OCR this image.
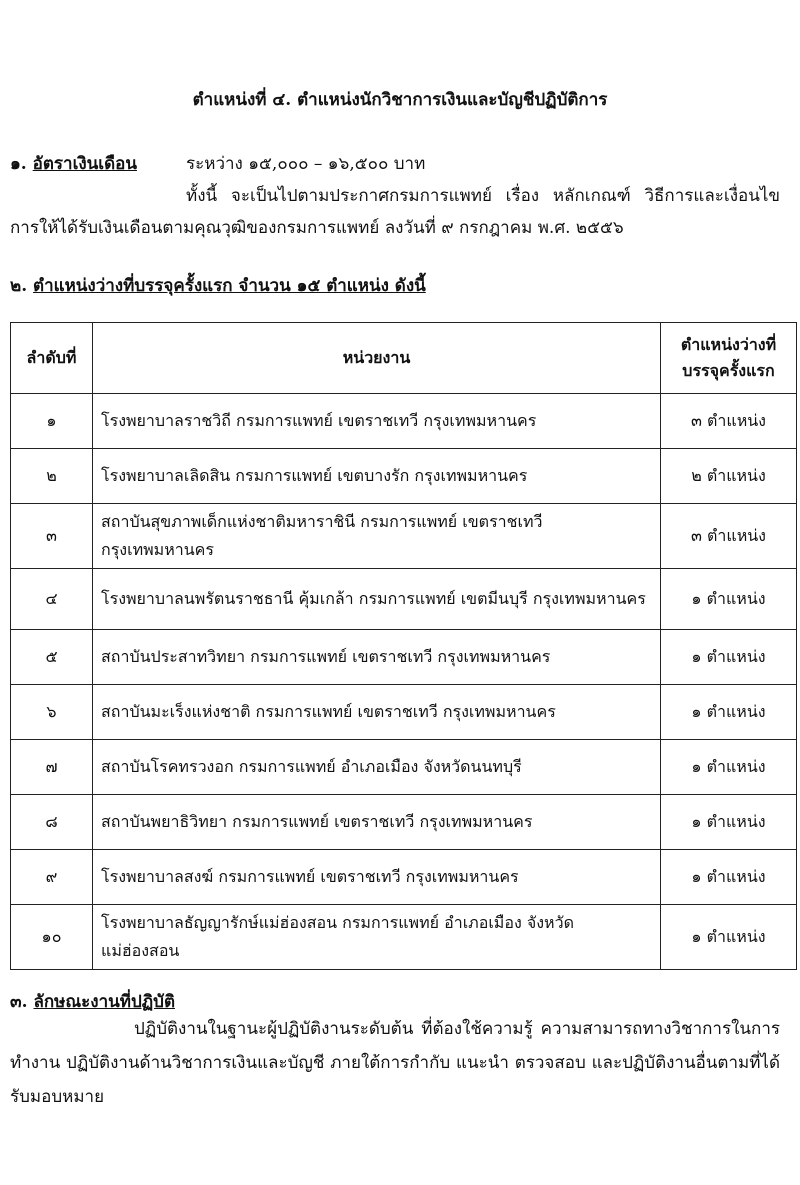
ตำแหน่งที่ ๔. ตำแหน่งนักวิชาการเงินและบัญชีปฏิบัติการ
๑. อัตราเงินเดือน	ระหว่าง ๑๕,๐๐๐ – ๑๖,๕๐๐ บาท
ทั้งนี้ จะเป็นไปตามประกาศกรมการแพทย์ เรื่อง หลักเกณฑ์ วิธีการและเงื่อนไข การให้ได้รับเงินเดือนตามคุณวุฒิของกรมการแพทย์ ลงวันที่ ๙ กรกฎาคม พ.ศ. ๒๕๕๖
๒. ตำแหน่งว่างที่บรรจุครั้งแรก จำนวน ๑๕ ตำแหน่ง ดังนี้
ลำดับที่	หน่วยงาน	ตำแหน่งว่างที่บรรจุครั้งแรก
๑	โรงพยาบาลราชวิถี กรมการแพทย์ เขตราชเทวี กรุงเทพมหานคร	๓ ตำแหน่ง
๒	โรงพยาบาลเลิดสิน กรมการแพทย์ เขตบางรัก กรุงเทพมหานคร	๒ ตำแหน่ง
๓	สถาบันสุขภาพเด็กแห่งชาติมหาราชินี กรมการแพทย์ เขตราชเทวี กรุงเทพมหานคร	๓ ตำแหน่ง
๔	โรงพยาบาลนพรัตนราชธานี คุ้มเกล้า กรมการแพทย์ เขตมีนบุรี กรุงเทพมหานคร	๑ ตำแหน่ง
๕	สถาบันประสาทวิทยา กรมการแพทย์ เขตราชเทวี กรุงเทพมหานคร	๑ ตำแหน่ง
๖	สถาบันมะเร็งแห่งชาติ กรมการแพทย์ เขตราชเทวี กรุงเทพมหานคร	๑ ตำแหน่ง
๗	สถาบันโรคทรวงอก กรมการแพทย์ อำเภอเมือง จังหวัดนนทบุรี	๑ ตำแหน่ง
๘	สถาบันพยาธิวิทยา กรมการแพทย์ เขตราชเทวี กรุงเทพมหานคร	๑ ตำแหน่ง
๙	โรงพยาบาลสงฆ์ กรมการแพทย์ เขตราชเทวี กรุงเทพมหานคร	๑ ตำแหน่ง
๑๐	โรงพยาบาลธัญญารักษ์แม่ฮ่องสอน กรมการแพทย์ อำเภอเมือง จังหวัดแม่ฮ่องสอน	๑ ตำแหน่ง
๓. ลักษณะงานที่ปฏิบัติ
ปฏิบัติงานในฐานะผู้ปฏิบัติงานระดับต้น ที่ต้องใช้ความรู้ ความสามารถทางวิชาการในการทำงาน ปฏิบัติงานด้านวิชาการเงินและบัญชี ภายใต้การกำกับ แนะนำ ตรวจสอบ และปฏิบัติงานอื่นตามที่ได้รับมอบหมาย
